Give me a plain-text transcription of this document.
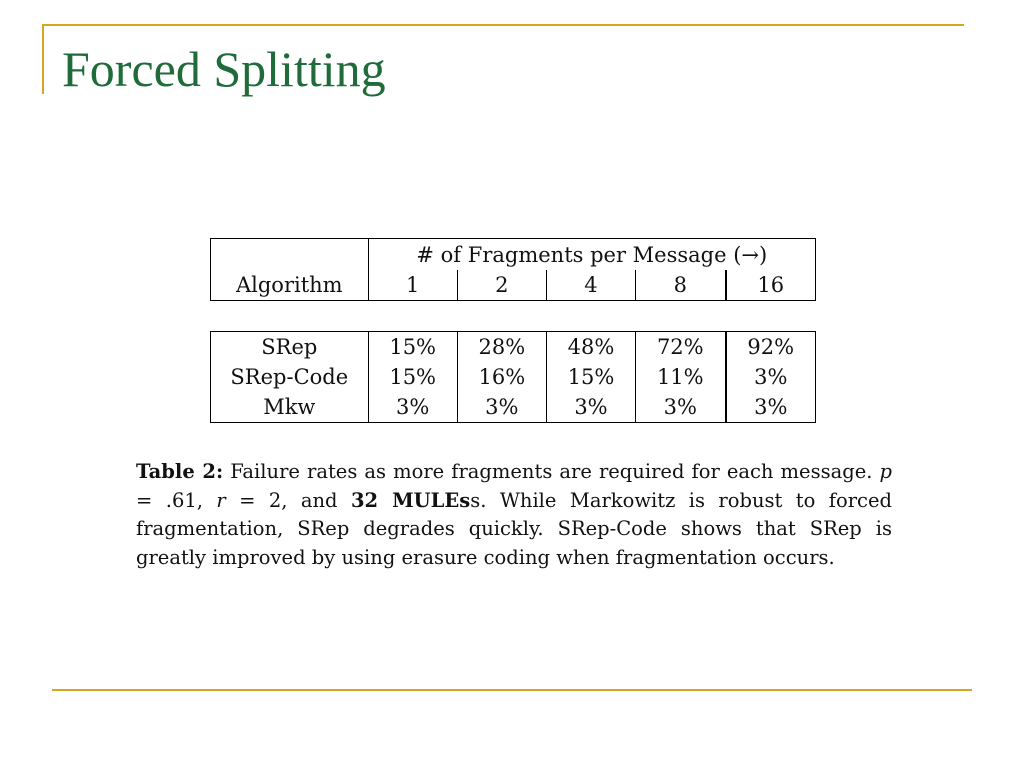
Forced Splitting
	# of Fragments per Message (→)				
Algorithm	1	2	4	8	16

SRep	15%	28%	48%	72%	92%
SRep-Code	15%	16%	15%	11%	3%
Mkw	3%	3%	3%	3%	3%

Table 2: Failure rates as more fragments are required for each message. p = .61, r = 2, and 32 MULEss. While Markowitz is robust to forced fragmentation, SRep degrades quickly. SRep-Code shows that SRep is greatly improved by using erasure coding when fragmentation occurs.
